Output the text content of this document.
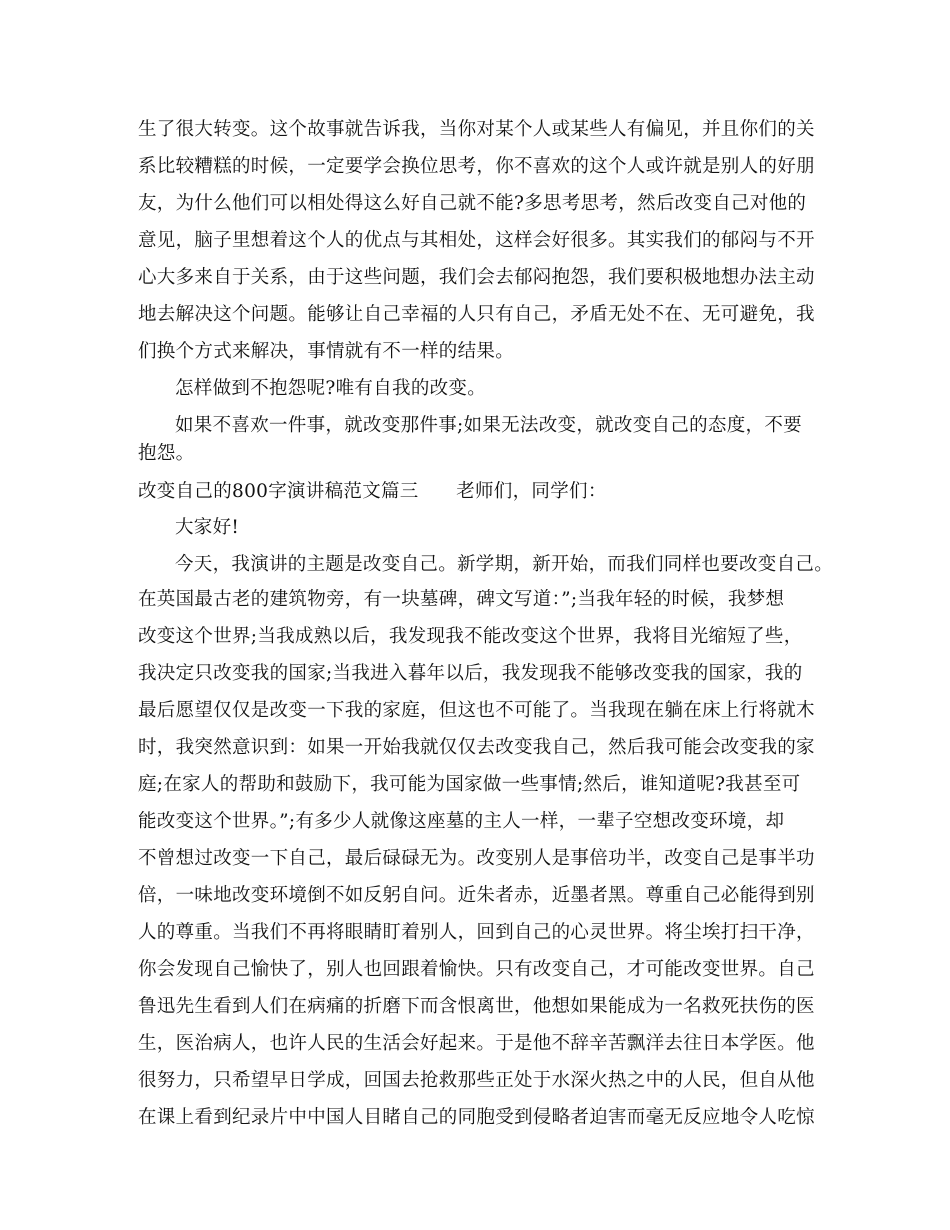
生了很大转变。这个故事就告诉我，当你对某个人或某些人有偏见，并且你们的关
系比较糟糕的时候，一定要学会换位思考，你不喜欢的这个人或许就是别人的好朋
友，为什么他们可以相处得这么好自己就不能?多思考思考，然后改变自己对他的
意见，脑子里想着这个人的优点与其相处，这样会好很多。其实我们的郁闷与不开
心大多来自于关系，由于这些问题，我们会去郁闷抱怨，我们要积极地想办法主动
地去解决这个问题。能够让自己幸福的人只有自己，矛盾无处不在、无可避免，我
们换个方式来解决，事情就有不一样的结果。
怎样做到不抱怨呢?唯有自我的改变。
如果不喜欢一件事，就改变那件事;如果无法改变，就改变自己的态度，不要
抱怨。
改变自己的800字演讲稿范文篇三　　老师们，同学们：
大家好!
今天，我演讲的主题是改变自己。新学期，新开始，而我们同样也要改变自己。
在英国最古老的建筑物旁，有一块墓碑，碑文写道：”;当我年轻的时候，我梦想
改变这个世界;当我成熟以后，我发现我不能改变这个世界，我将目光缩短了些，
我决定只改变我的国家;当我进入暮年以后，我发现我不能够改变我的国家，我的
最后愿望仅仅是改变一下我的家庭，但这也不可能了。当我现在躺在床上行将就木
时，我突然意识到：如果一开始我就仅仅去改变我自己，然后我可能会改变我的家
庭;在家人的帮助和鼓励下，我可能为国家做一些事情;然后，谁知道呢?我甚至可
能改变这个世界。”;有多少人就像这座墓的主人一样，一辈子空想改变环境，却
不曾想过改变一下自己，最后碌碌无为。改变别人是事倍功半，改变自己是事半功
倍，一味地改变环境倒不如反躬自问。近朱者赤，近墨者黑。尊重自己必能得到别
人的尊重。当我们不再将眼睛盯着别人，回到自己的心灵世界。将尘埃打扫干净，
你会发现自己愉快了，别人也回跟着愉快。只有改变自己，才可能改变世界。自己
鲁迅先生看到人们在病痛的折磨下而含恨离世，他想如果能成为一名救死扶伤的医
生，医治病人，也许人民的生活会好起来。于是他不辞辛苦飘洋去往日本学医。他
很努力，只希望早日学成，回国去抢救那些正处于水深火热之中的人民，但自从他
在课上看到纪录片中中国人目睹自己的同胞受到侵略者迫害而毫无反应地令人吃惊
